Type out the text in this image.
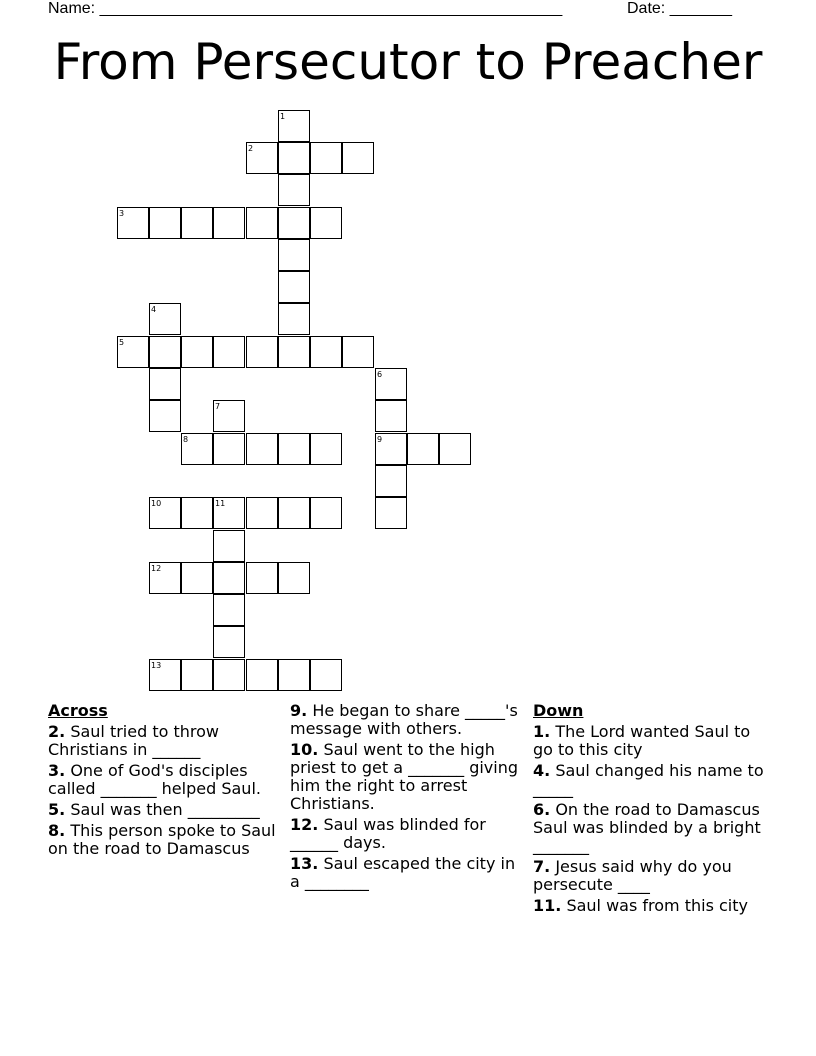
Name: ____________________________________________________	Date: _______
From Persecutor to Preacher
1
2
3
4
5
6
7
8	9
10	11
12
13
Across
2. Saul tried to throw Christians in ______
3. One of God's disciples called _______ helped Saul.
5. Saul was then _________
8. This person spoke to Saul on the road to Damascus
9. He began to share _____'s message with others.
10. Saul went to the high priest to get a _______ giving him the right to arrest Christians.
12. Saul was blinded for ______ days.
13. Saul escaped the city in a ________
Down
1. The Lord wanted Saul to go to this city
4. Saul changed his name to _____
6. On the road to Damascus Saul was blinded by a bright _______
7. Jesus said why do you persecute ____
11. Saul was from this city
